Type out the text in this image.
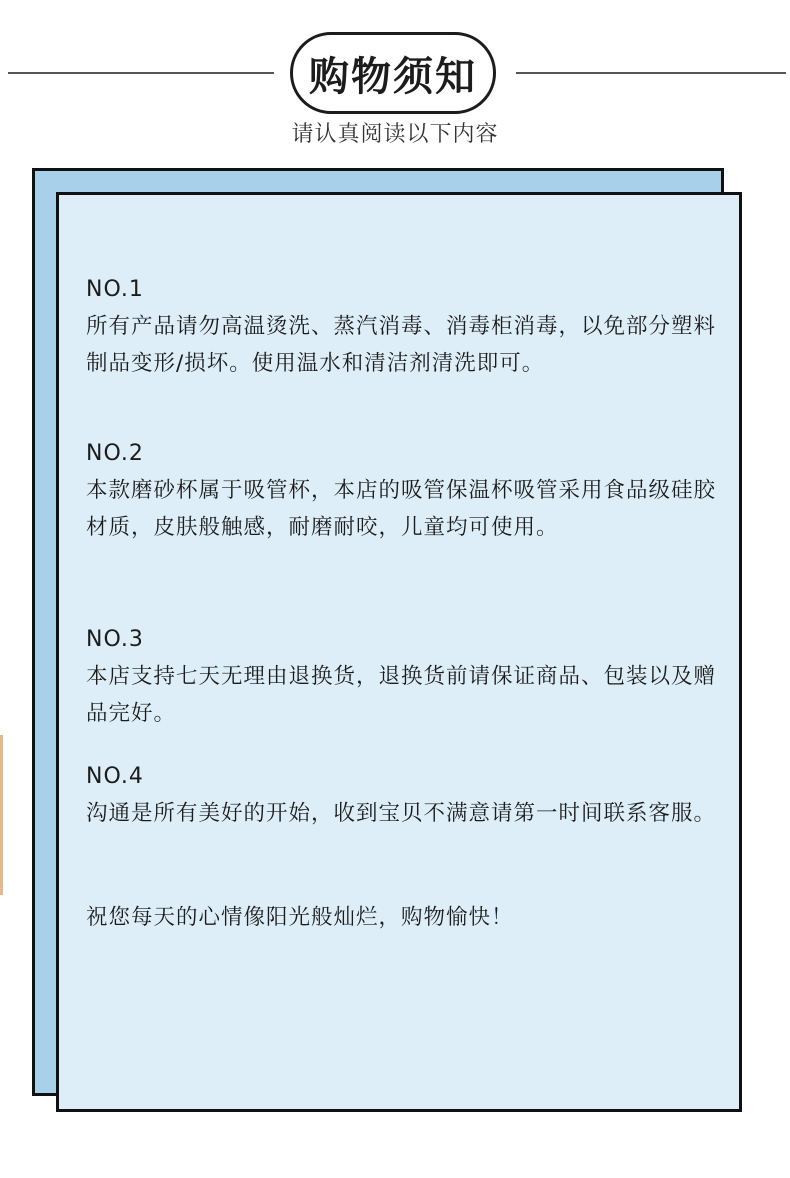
购物须知
请认真阅读以下内容
NO.1
所有产品请勿高温烫洗、蒸汽消毒、消毒柜消毒，以免部分塑料制品变形/损坏。使用温水和清洁剂清洗即可。
NO.2
本款磨砂杯属于吸管杯，本店的吸管保温杯吸管采用食品级硅胶材质，皮肤般触感，耐磨耐咬，儿童均可使用。
NO.3
本店支持七天无理由退换货，退换货前请保证商品、包装以及赠品完好。
NO.4
沟通是所有美好的开始，收到宝贝不满意请第一时间联系客服。
祝您每天的心情像阳光般灿烂，购物愉快！
